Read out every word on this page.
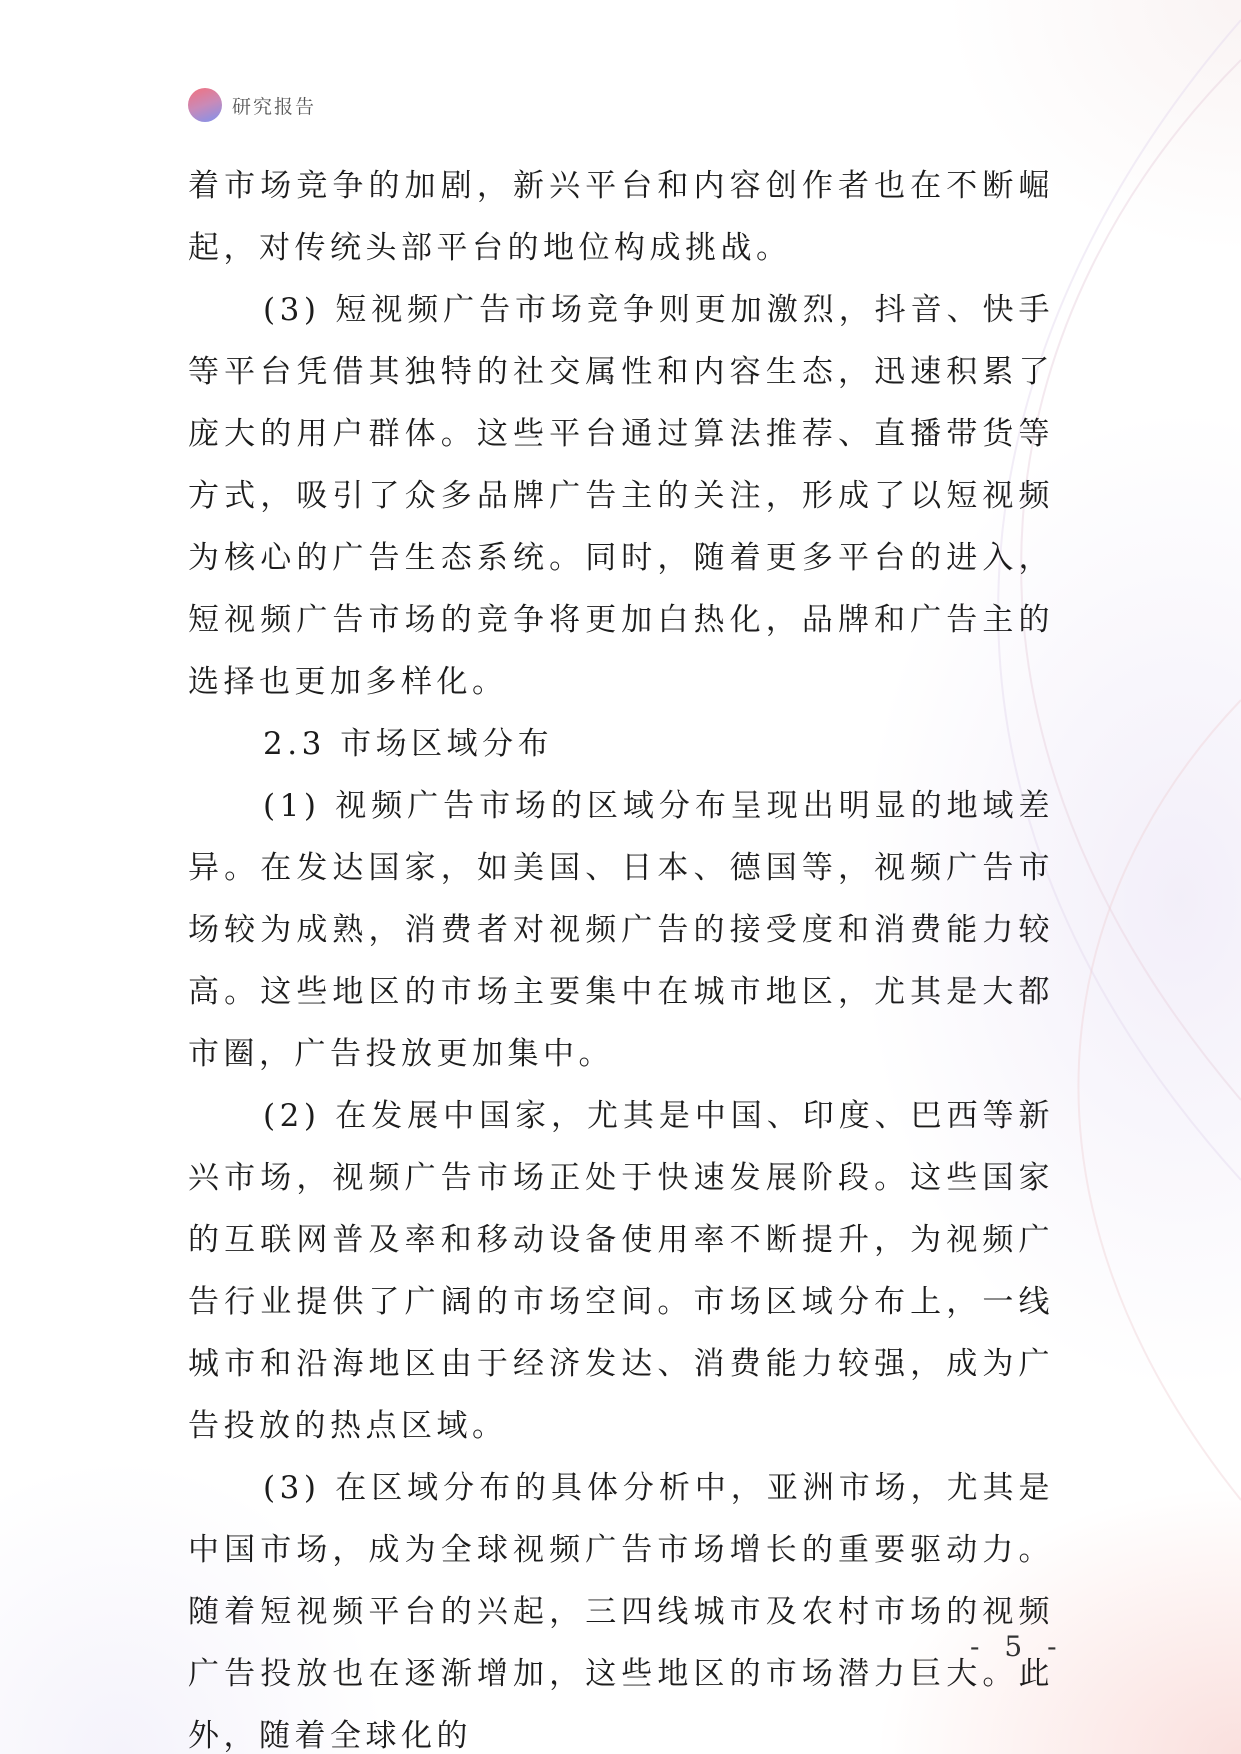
研究报告

着市场竞争的加剧，新兴平台和内容创作者也在不断崛起，对传统头部平台的地位构成挑战。

(3) 短视频广告市场竞争则更加激烈，抖音、快手等平台凭借其独特的社交属性和内容生态，迅速积累了庞大的用户群体。这些平台通过算法推荐、直播带货等方式，吸引了众多品牌广告主的关注，形成了以短视频为核心的广告生态系统。同时，随着更多平台的进入，短视频广告市场的竞争将更加白热化，品牌和广告主的选择也更加多样化。

2.3 市场区域分布

(1) 视频广告市场的区域分布呈现出明显的地域差异。在发达国家，如美国、日本、德国等，视频广告市场较为成熟，消费者对视频广告的接受度和消费能力较高。这些地区的市场主要集中在城市地区，尤其是大都市圈，广告投放更加集中。

(2) 在发展中国家，尤其是中国、印度、巴西等新兴市场，视频广告市场正处于快速发展阶段。这些国家的互联网普及率和移动设备使用率不断提升，为视频广告行业提供了广阔的市场空间。市场区域分布上，一线城市和沿海地区由于经济发达、消费能力较强，成为广告投放的热点区域。

(3) 在区域分布的具体分析中，亚洲市场，尤其是中国市场，成为全球视频广告市场增长的重要驱动力。随着短视频平台的兴起，三四线城市及农村市场的视频广告投放也在逐渐增加，这些地区的市场潜力巨大。此外，随着全球化的

- 5 -
